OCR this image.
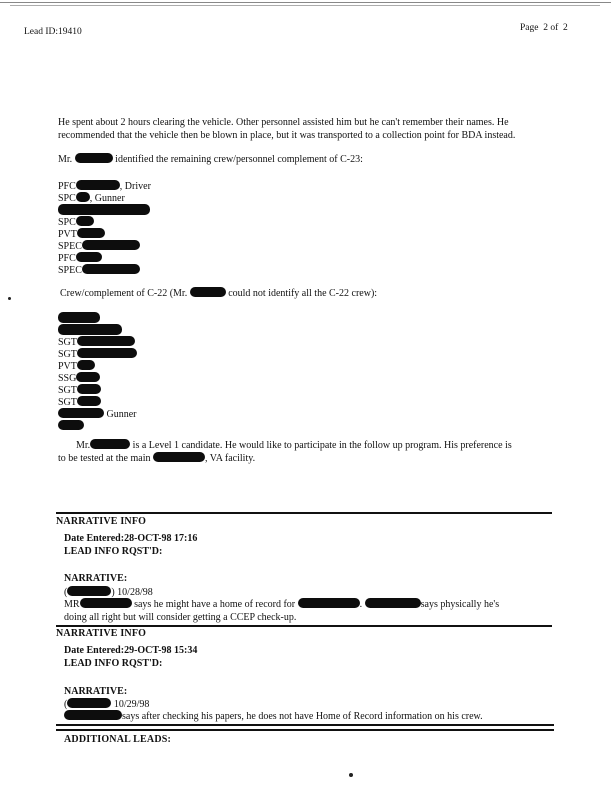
Lead ID:19410	Page  2 of  2
He spent about 2 hours clearing the vehicle. Other personnel assisted him but he can't remember their names. He
recommended that the vehicle then be blown in place, but it was transported to a collection point for BDA instead.
Mr.	identified the remaining crew/personnel complement of C-23:
PFC	, Driver
SPC , Gunner
SPC
PVT
SPEC
PFC
SPEC
Crew/complement of C-22 (Mr.	could not identify all the C-22 crew):
SGT
SGT
PVT
SSG
SGT
SGT
Gunner
Mr.	is a Level 1 candidate. He would like to participate in the follow up program. His preference is
to be tested at the main	, VA facility.
NARRATIVE INFO
Date Entered:28-OCT-98 17:16
LEAD INFO RQST'D:
NARRATIVE:
(	) 10/28/98
MR	says he might have a home of record for	.	says physically he's
doing all right but will consider getting a CCEP check-up.
NARRATIVE INFO
Date Entered:29-OCT-98 15:34
LEAD INFO RQST'D:
NARRATIVE:
(	10/29/98
says after checking his papers, he does not have Home of Record information on his crew.
ADDITIONAL LEADS:
